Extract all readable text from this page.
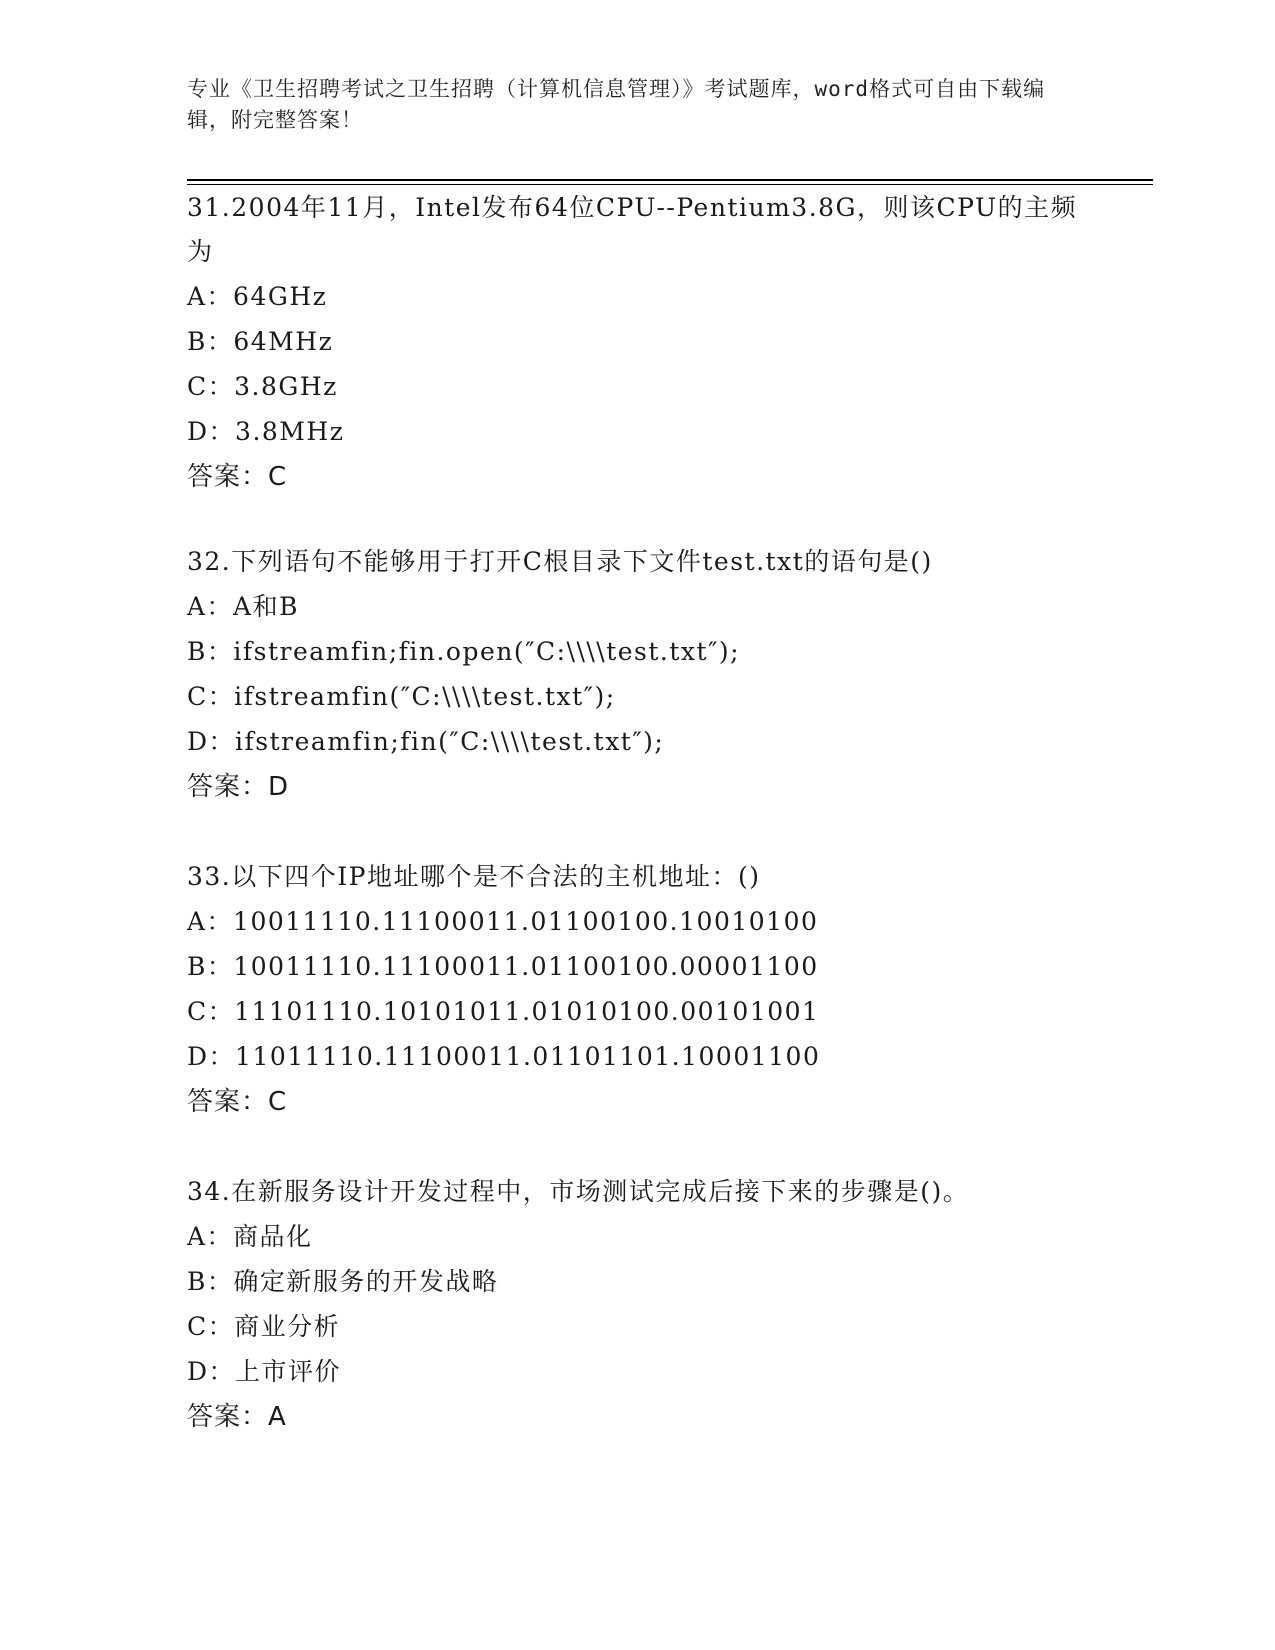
专业《卫生招聘考试之卫生招聘（计算机信息管理）》考试题库，word格式可自由下载编辑，附完整答案！

31.2004年11月，Intel发布64位CPU--Pentium3.8G，则该CPU的主频为

A：64GHz

B：64MHz

C：3.8GHz

D：3.8MHz

答案：C

32.下列语句不能够用于打开C根目录下文件test.txt的语句是()

A：A和B

B：ifstreamfin;fin.open(″C:\\\\test.txt″);

C：ifstreamfin(″C:\\\\test.txt″);

D：ifstreamfin;fin(″C:\\\\test.txt″);

答案：D

33.以下四个IP地址哪个是不合法的主机地址：()

A：10011110.11100011.01100100.10010100

B：10011110.11100011.01100100.00001100

C：11101110.10101011.01010100.00101001

D：11011110.11100011.01101101.10001100

答案：C

34.在新服务设计开发过程中，市场测试完成后接下来的步骤是()。

A：商品化

B：确定新服务的开发战略

C：商业分析

D：上市评价

答案：A
